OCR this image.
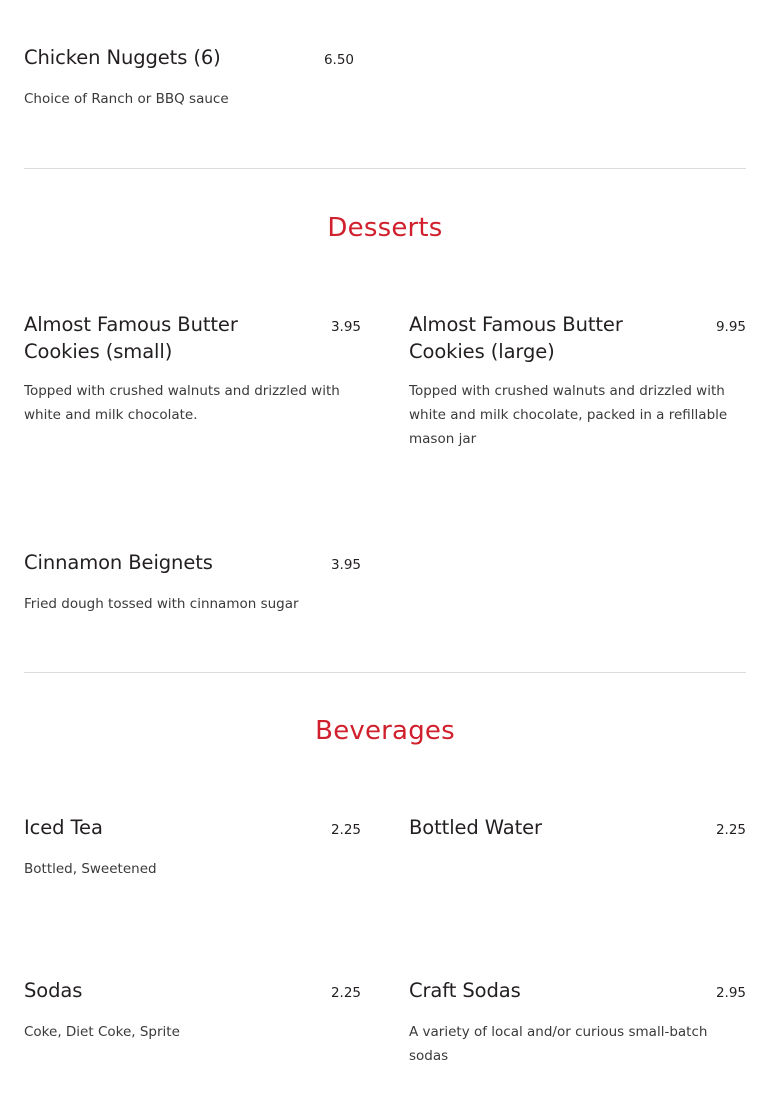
Chicken Nuggets (6)	6.50
Choice of Ranch or BBQ sauce
Desserts
Almost Famous Butter Cookies (small)
3.95
Topped with crushed walnuts and drizzled with white and milk chocolate.
Almost Famous Butter Cookies (large)
9.95
Topped with crushed walnuts and drizzled with white and milk chocolate, packed in a refillable mason jar
Cinnamon Beignets	3.95
Fried dough tossed with cinnamon sugar
Beverages
Iced Tea	2.25
Bottled, Sweetened
Bottled Water	2.25
Sodas	2.25
Coke, Diet Coke, Sprite
Craft Sodas	2.95
A variety of local and/or curious small-batch sodas
